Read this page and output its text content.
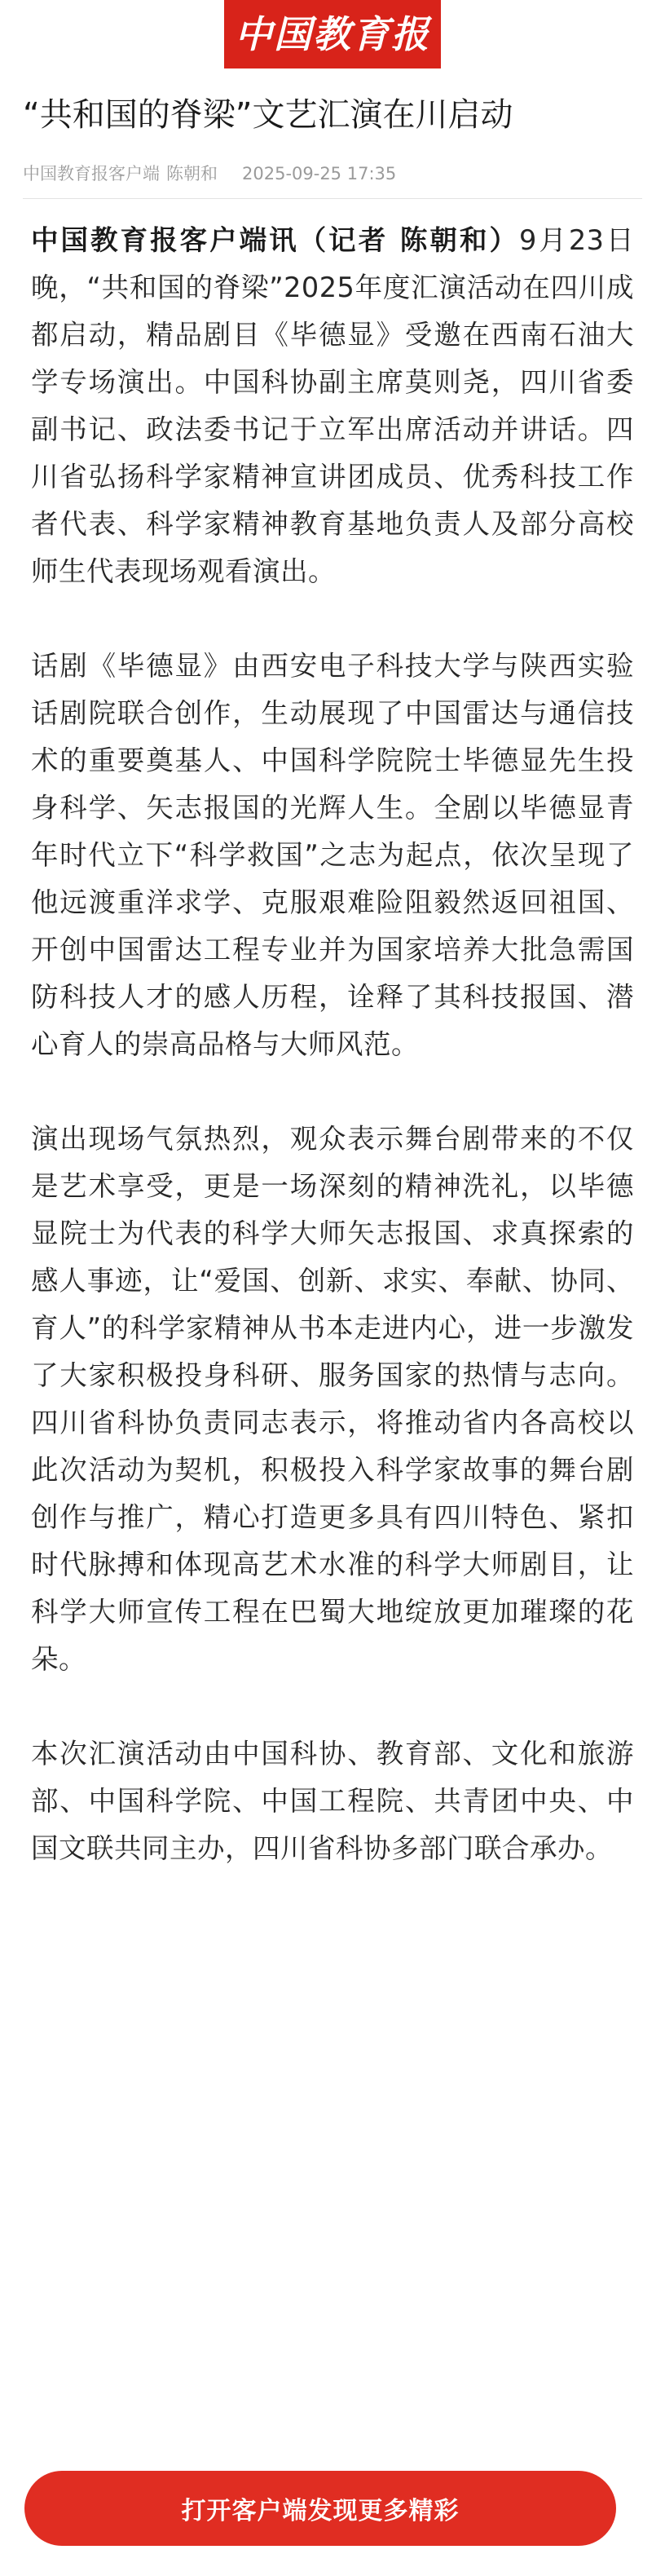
中国教育报
“共和国的脊梁”文艺汇演在川启动
中国教育报客户端 陈朝和 2025-09-25 17:35

中国教育报客户端讯（记者 陈朝和）9月23日晚，“共和国的脊梁”2025年度汇演活动在四川成都启动，精品剧目《毕德显》受邀在西南石油大学专场演出。中国科协副主席莫则尧，四川省委副书记、政法委书记于立军出席活动并讲话。四川省弘扬科学家精神宣讲团成员、优秀科技工作者代表、科学家精神教育基地负责人及部分高校师生代表现场观看演出。

话剧《毕德显》由西安电子科技大学与陕西实验话剧院联合创作，生动展现了中国雷达与通信技术的重要奠基人、中国科学院院士毕德显先生投身科学、矢志报国的光辉人生。全剧以毕德显青年时代立下“科学救国”之志为起点，依次呈现了他远渡重洋求学、克服艰难险阻毅然返回祖国、开创中国雷达工程专业并为国家培养大批急需国防科技人才的感人历程，诠释了其科技报国、潜心育人的崇高品格与大师风范。

演出现场气氛热烈，观众表示舞台剧带来的不仅是艺术享受，更是一场深刻的精神洗礼，以毕德显院士为代表的科学大师矢志报国、求真探索的感人事迹，让“爱国、创新、求实、奉献、协同、育人”的科学家精神从书本走进内心，进一步激发了大家积极投身科研、服务国家的热情与志向。四川省科协负责同志表示，将推动省内各高校以此次活动为契机，积极投入科学家故事的舞台剧创作与推广，精心打造更多具有四川特色、紧扣时代脉搏和体现高艺术水准的科学大师剧目，让科学大师宣传工程在巴蜀大地绽放更加璀璨的花朵。

本次汇演活动由中国科协、教育部、文化和旅游部、中国科学院、中国工程院、共青团中央、中国文联共同主办，四川省科协多部门联合承办。

打开客户端发现更多精彩
